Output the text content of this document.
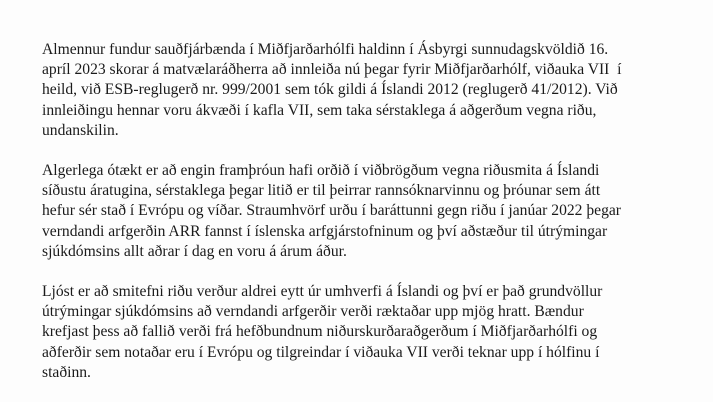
Almennur fundur sauðfjárbænda í Miðfjarðarhólfi haldinn í Ásbyrgi sunnudagskvöldið 16.
apríl 2023 skorar á matvælaráðherra að innleiða nú þegar fyrir Miðfjarðarhólf, viðauka VII  í
heild, við ESB-reglugerð nr. 999/2001 sem tók gildi á Íslandi 2012 (reglugerð 41/2012). Við
innleiðingu hennar voru ákvæði í kafla VII, sem taka sérstaklega á aðgerðum vegna riðu,
undanskilin.

Algerlega ótækt er að engin framþróun hafi orðið í viðbrögðum vegna riðusmita á Íslandi
síðustu áratugina, sérstaklega þegar litið er til þeirrar rannsóknarvinnu og þróunar sem átt
hefur sér stað í Evrópu og víðar. Straumhvörf urðu í baráttunni gegn riðu í janúar 2022 þegar
verndandi arfgerðin ARR fannst í íslenska arfgjárstofninum og því aðstæður til útrýmingar
sjúkdómsins allt aðrar í dag en voru á árum áður.

Ljóst er að smitefni riðu verður aldrei eytt úr umhverfi á Íslandi og því er það grundvöllur
útrýmingar sjúkdómsins að verndandi arfgerðir verði ræktaðar upp mjög hratt. Bændur
krefjast þess að fallið verði frá hefðbundnum niðurskurðaraðgerðum í Miðfjarðarhólfi og
aðferðir sem notaðar eru í Evrópu og tilgreindar í viðauka VII verði teknar upp í hólfinu í
staðinn.
